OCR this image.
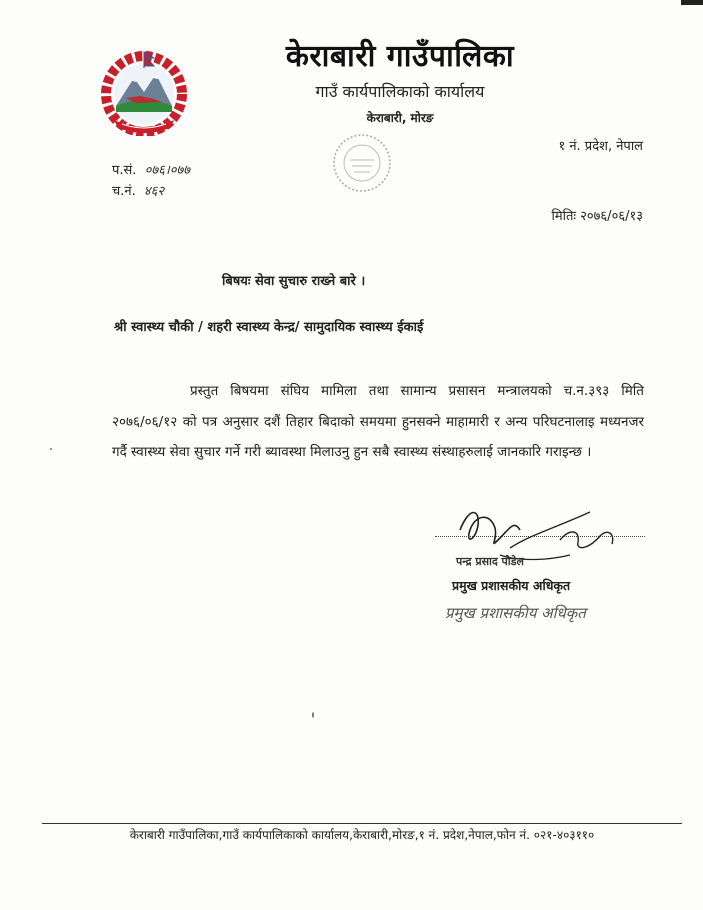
केराबारी गाउँपालिका
गाउँ कार्यपालिकाको कार्यालय
केराबारी, मोरङ
१ नं. प्रदेश, नेपाल
प.सं. ०७६।०७७
च.नं. ४६२
मितिः २०७६/०६/१३
बिषयः सेवा सुचारु राख्ने बारे ।
श्री स्वास्थ्य चौकी / शहरी स्वास्थ्य केन्द्र/ सामुदायिक स्वास्थ्य ईकाई
प्रस्तुत बिषयमा संघिय मामिला तथा सामान्य प्रसासन मन्त्रालयको च.न.३९३ मिति २०७६/०६/१२ को पत्र अनुसार दशैं तिहार बिदाको समयमा हुनसक्ने माहामारी र अन्य परिघटनालाइ मध्यनजर गर्दै स्वास्थ्य सेवा सुचार गर्ने गरी ब्यावस्था मिलाउनु हुन सबै स्वास्थ्य संस्थाहरुलाई जानकारि गराइन्छ ।
पन्द्र प्रसाद पौडेल
प्रमुख प्रशासकीय अधिकृत
प्रमुख प्रशासकीय अधिकृत
केराबारी गाउँपालिका,गाउँ कार्यपालिकाको कार्यालय,केराबारी,मोरङ,१ नं. प्रदेश,नेपाल,फोन नं. ०२१-४०३११०
